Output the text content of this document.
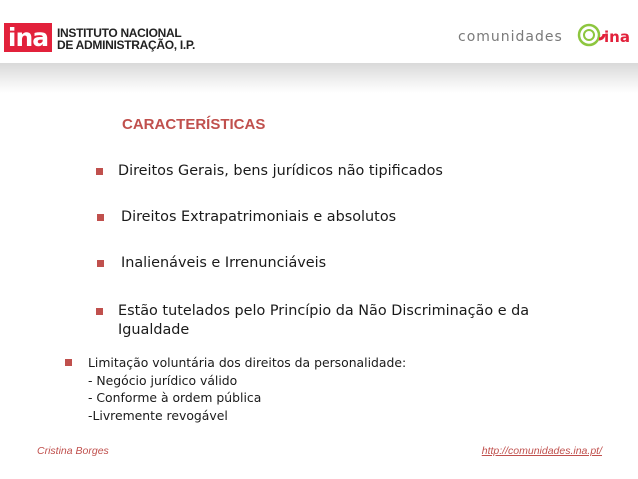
ina INSTITUTO NACIONAL
DE ADMINISTRAÇÃO, I.P.	comunidades	ina
CARACTERÍSTICAS
Direitos Gerais, bens jurídicos não tipificados
Direitos Extrapatrimoniais e absolutos
Inalienáveis e Irrenunciáveis
Estão tutelados pelo Princípio da Não Discriminação e da
Igualdade
Limitação voluntária dos direitos da personalidade:
- Negócio jurídico válido
- Conforme à ordem pública
-Livremente revogável
Cristina Borges	http://comunidades.ina.pt/
